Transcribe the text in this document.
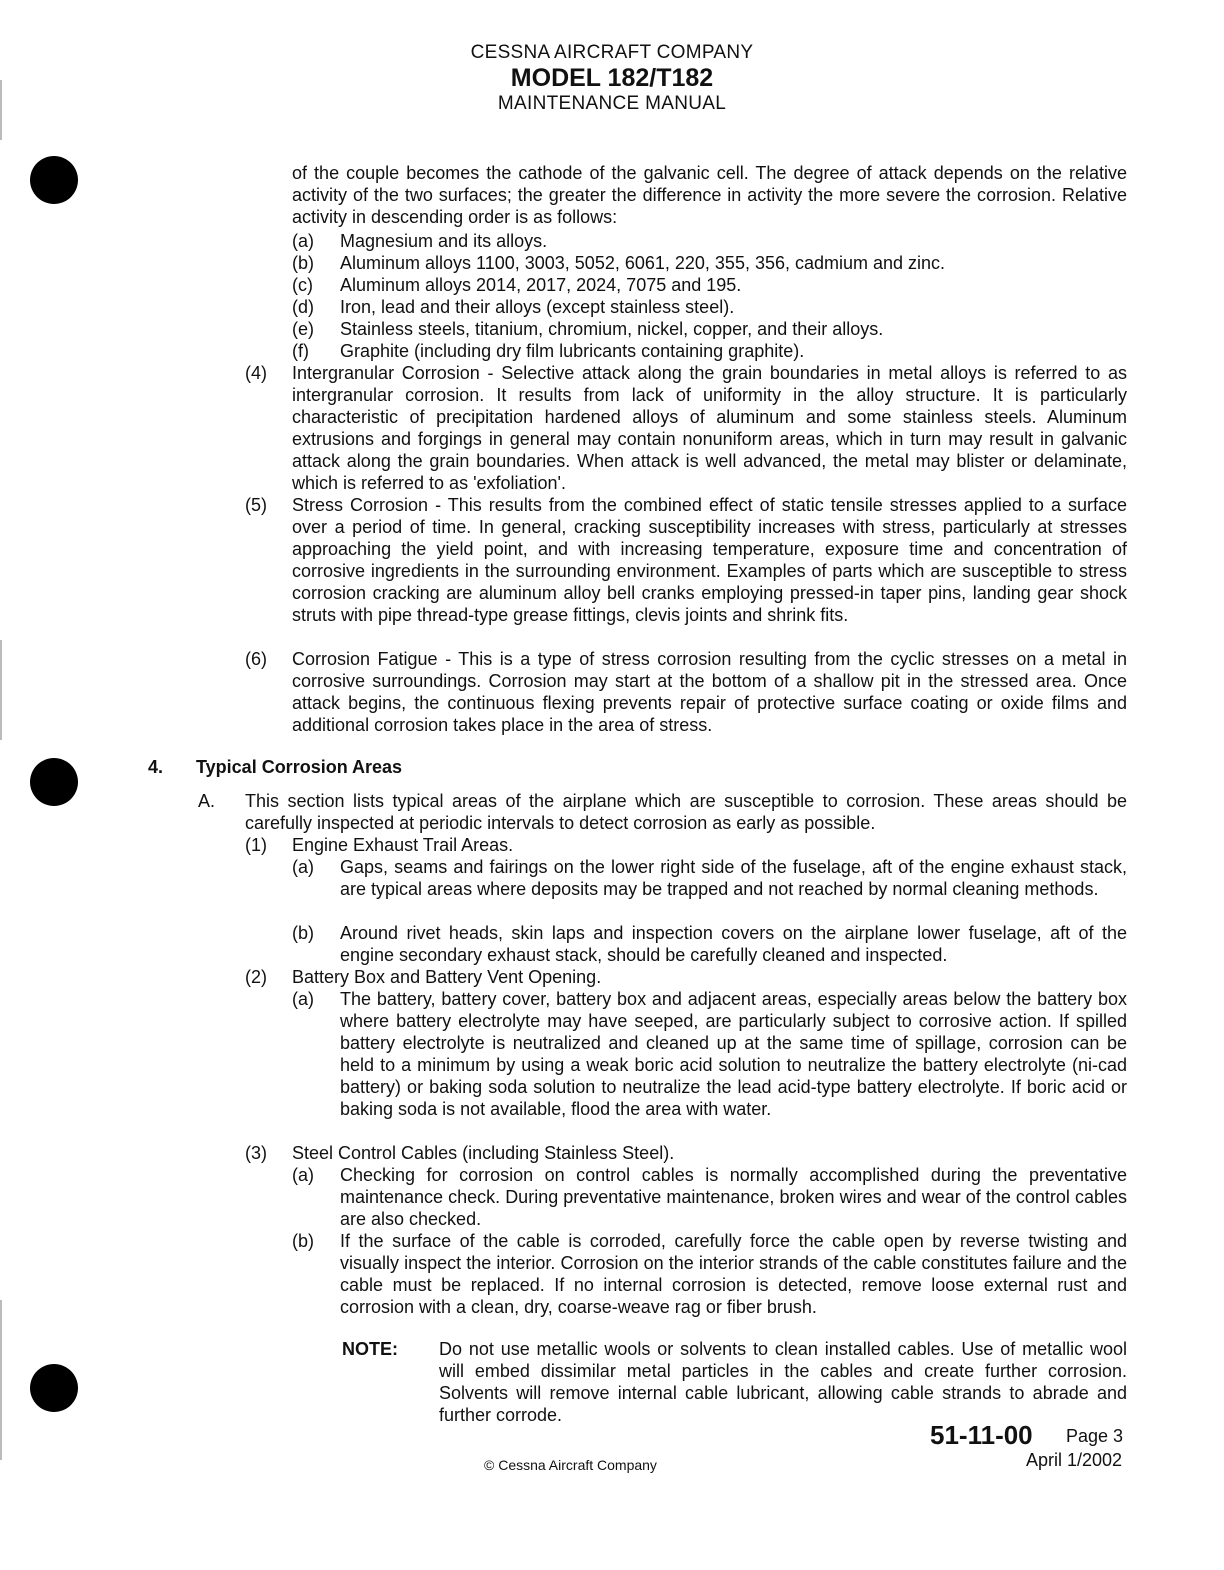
CESSNA AIRCRAFT COMPANY
MODEL 182/T182
MAINTENANCE MANUAL
of the couple becomes the cathode of the galvanic cell. The degree of attack depends on the relative activity of the two surfaces; the greater the difference in activity the more severe the corrosion. Relative activity in descending order is as follows:
(a) Magnesium and its alloys.
(b) Aluminum alloys 1100, 3003, 5052, 6061, 220, 355, 356, cadmium and zinc.
(c) Aluminum alloys 2014, 2017, 2024, 7075 and 195.
(d) Iron, lead and their alloys (except stainless steel).
(e) Stainless steels, titanium, chromium, nickel, copper, and their alloys.
(f) Graphite (including dry film lubricants containing graphite).
(4) Intergranular Corrosion - Selective attack along the grain boundaries in metal alloys is referred to as intergranular corrosion. It results from lack of uniformity in the alloy structure. It is particularly characteristic of precipitation hardened alloys of aluminum and some stainless steels. Aluminum extrusions and forgings in general may contain nonuniform areas, which in turn may result in galvanic attack along the grain boundaries. When attack is well advanced, the metal may blister or delaminate, which is referred to as 'exfoliation'.
(5) Stress Corrosion - This results from the combined effect of static tensile stresses applied to a surface over a period of time. In general, cracking susceptibility increases with stress, particularly at stresses approaching the yield point, and with increasing temperature, exposure time and concentration of corrosive ingredients in the surrounding environment. Examples of parts which are susceptible to stress corrosion cracking are aluminum alloy bell cranks employing pressed-in taper pins, landing gear shock struts with pipe thread-type grease fittings, clevis joints and shrink fits.
(6) Corrosion Fatigue - This is a type of stress corrosion resulting from the cyclic stresses on a metal in corrosive surroundings. Corrosion may start at the bottom of a shallow pit in the stressed area. Once attack begins, the continuous flexing prevents repair of protective surface coating or oxide films and additional corrosion takes place in the area of stress.
4. Typical Corrosion Areas
A. This section lists typical areas of the airplane which are susceptible to corrosion. These areas should be carefully inspected at periodic intervals to detect corrosion as early as possible.
(1) Engine Exhaust Trail Areas.
(a) Gaps, seams and fairings on the lower right side of the fuselage, aft of the engine exhaust stack, are typical areas where deposits may be trapped and not reached by normal cleaning methods.
(b) Around rivet heads, skin laps and inspection covers on the airplane lower fuselage, aft of the engine secondary exhaust stack, should be carefully cleaned and inspected.
(2) Battery Box and Battery Vent Opening.
(a) The battery, battery cover, battery box and adjacent areas, especially areas below the battery box where battery electrolyte may have seeped, are particularly subject to corrosive action. If spilled battery electrolyte is neutralized and cleaned up at the same time of spillage, corrosion can be held to a minimum by using a weak boric acid solution to neutralize the battery electrolyte (ni-cad battery) or baking soda solution to neutralize the lead acid-type battery electrolyte. If boric acid or baking soda is not available, flood the area with water.
(3) Steel Control Cables (including Stainless Steel).
(a) Checking for corrosion on control cables is normally accomplished during the preventative maintenance check. During preventative maintenance, broken wires and wear of the control cables are also checked.
(b) If the surface of the cable is corroded, carefully force the cable open by reverse twisting and visually inspect the interior. Corrosion on the interior strands of the cable constitutes failure and the cable must be replaced. If no internal corrosion is detected, remove loose external rust and corrosion with a clean, dry, coarse-weave rag or fiber brush.
NOTE: Do not use metallic wools or solvents to clean installed cables. Use of metallic wool will embed dissimilar metal particles in the cables and create further corrosion. Solvents will remove internal cable lubricant, allowing cable strands to abrade and further corrode.
51-11-00 Page 3
April 1/2002
© Cessna Aircraft Company
